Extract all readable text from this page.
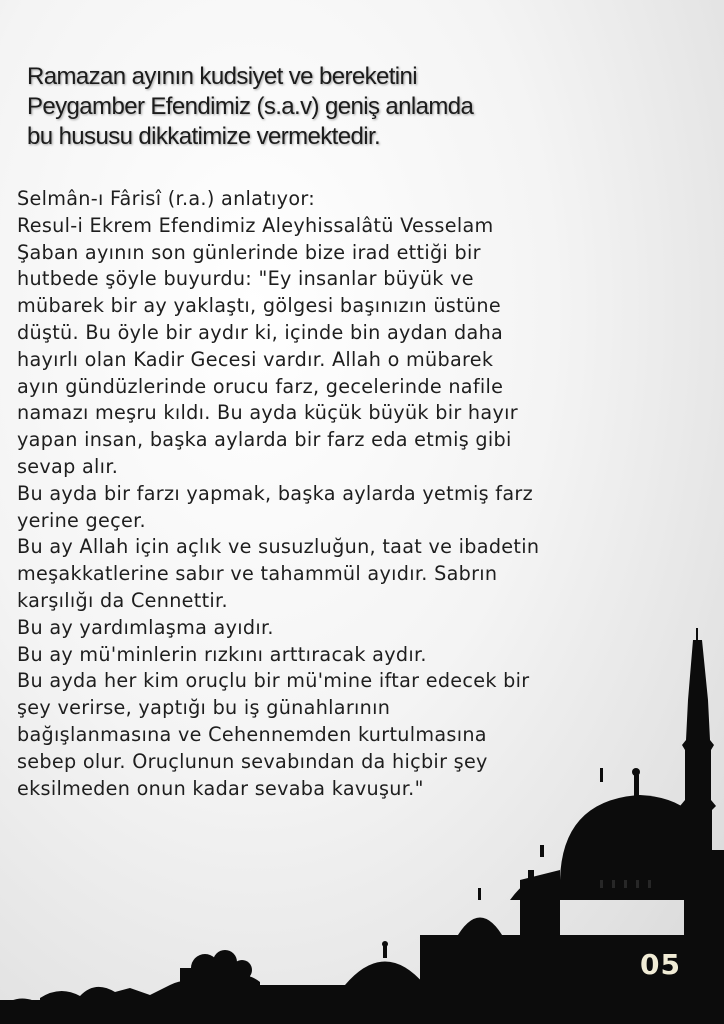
Ramazan ayının kudsiyet ve bereketini
Peygamber Efendimiz (s.a.v) geniş anlamda
bu hususu dikkatimize vermektedir.
Selmân-ı Fârisî (r.a.) anlatıyor:
Resul-i Ekrem Efendimiz Aleyhissalâtü Vesselam
Şaban ayının son günlerinde bize irad ettiği bir
hutbede şöyle buyurdu: "Ey insanlar büyük ve
mübarek bir ay yaklaştı, gölgesi başınızın üstüne
düştü. Bu öyle bir aydır ki, içinde bin aydan daha
hayırlı olan Kadir Gecesi vardır. Allah o mübarek
ayın gündüzlerinde orucu farz, gecelerinde nafile
namazı meşru kıldı. Bu ayda küçük büyük bir hayır
yapan insan, başka aylarda bir farz eda etmiş gibi
sevap alır.
Bu ayda bir farzı yapmak, başka aylarda yetmiş farz
yerine geçer.
Bu ay Allah için açlık ve susuzluğun, taat ve ibadetin
meşakkatlerine sabır ve tahammül ayıdır. Sabrın
karşılığı da Cennettir.
Bu ay yardımlaşma ayıdır.
Bu ay mü'minlerin rızkını arttıracak aydır.
Bu ayda her kim oruçlu bir mü'mine iftar edecek bir
şey verirse, yaptığı bu iş günahlarının
bağışlanmasına ve Cehennemden kurtulmasına
sebep olur. Oruçlunun sevabından da hiçbir şey
eksilmeden onun kadar sevaba kavuşur."
05
